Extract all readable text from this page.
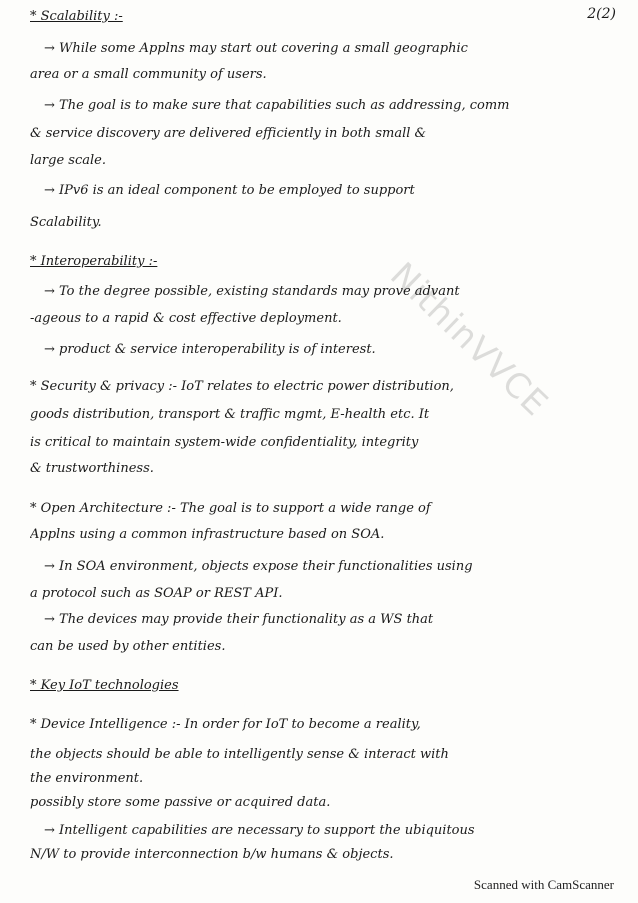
2(2)
* Scalability :-
→ While some Applns may start out covering a small geographic
area or a small community of users.
→ The goal is to make sure that capabilities such as addressing, comm
& service discovery are delivered efficiently in both small &
large scale.
→ IPv6 is an ideal component to be employed to support
Scalability.
* Interoperability :-
→ To the degree possible, existing standards may prove advant
-ageous to a rapid & cost effective deployment.
→ product & service interoperability is of interest.
* Security & privacy :- IoT relates to electric power distribution,
goods distribution, transport & traffic mgmt, E-health etc. It
is critical to maintain system-wide confidentiality, integrity
& trustworthiness.
* Open Architecture :- The goal is to support a wide range of
Applns using a common infrastructure based on SOA.
→ In SOA environment, objects expose their functionalities using
a protocol such as SOAP or REST API.
→ The devices may provide their functionality as a WS that
can be used by other entities.
* Key IoT technologies
* Device Intelligence :- In order for IoT to become a reality,
the objects should be able to intelligently sense & interact with
the environment.
possibly store some passive or acquired data.
→ Intelligent capabilities are necessary to support the ubiquitous
N/W to provide interconnection b/w humans & objects.
NithinVVCE
Scanned with CamScanner
